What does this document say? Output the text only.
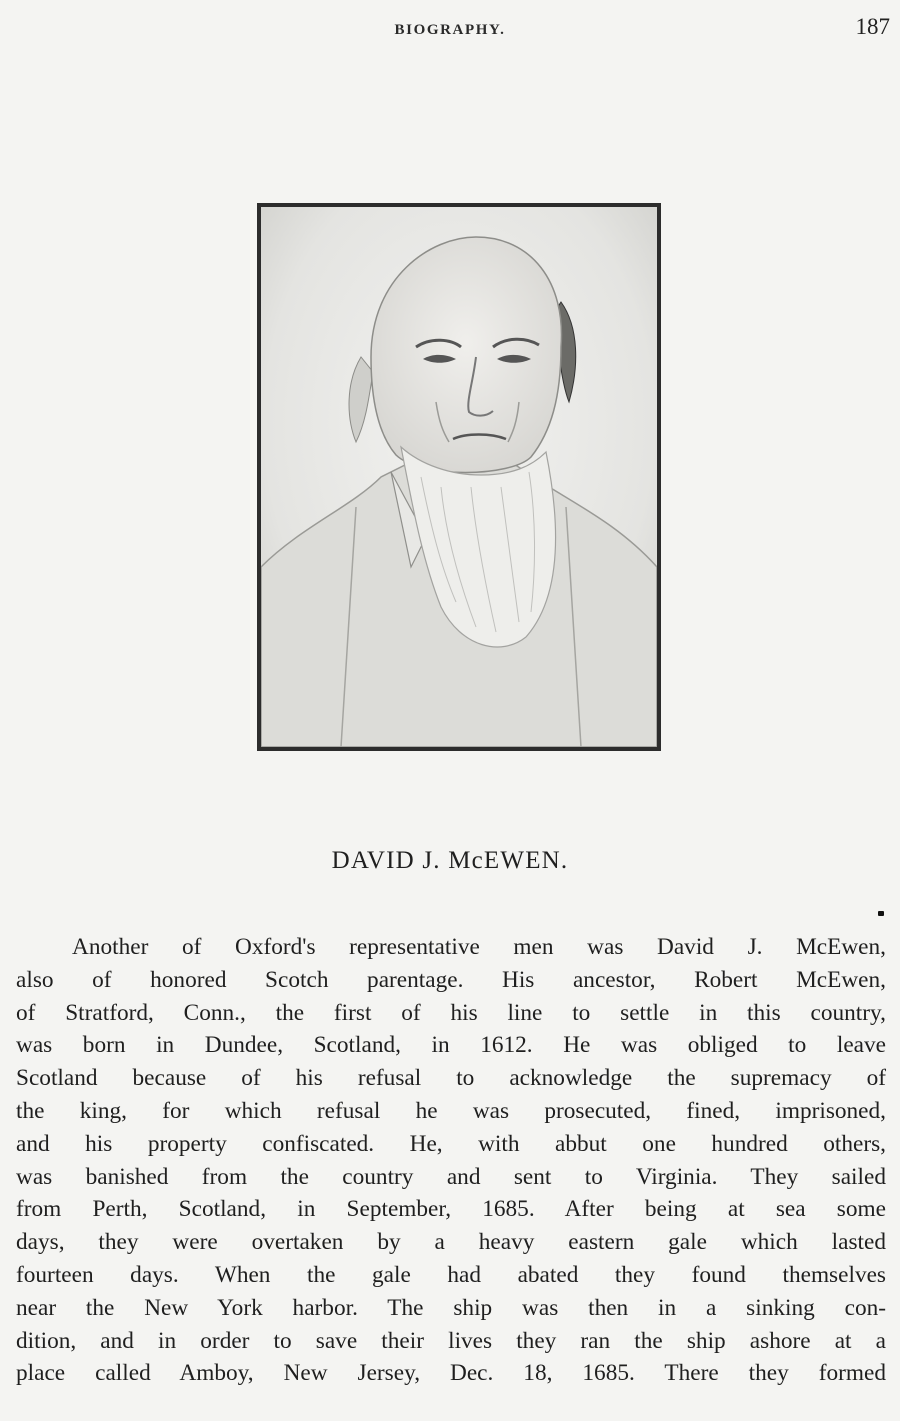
BIOGRAPHY.	187
DAVID J. McEWEN.
Another of Oxford's representative men was David J. McEwen,
also of honored Scotch parentage. His ancestor, Robert McEwen,
of Stratford, Conn., the first of his line to settle in this country,
was born in Dundee, Scotland, in 1612. He was obliged to leave
Scotland because of his refusal to acknowledge the supremacy of
the king, for which refusal he was prosecuted, fined, imprisoned,
and his property confiscated. He, with abbut one hundred others,
was banished from the country and sent to Virginia. They sailed
from Perth, Scotland, in September, 1685. After being at sea some
days, they were overtaken by a heavy eastern gale which lasted
fourteen days. When the gale had abated they found themselves
near the New York harbor. The ship was then in a sinking con-
dition, and in order to save their lives they ran the ship ashore at a
place called Amboy, New Jersey, Dec. 18, 1685. There they formed
